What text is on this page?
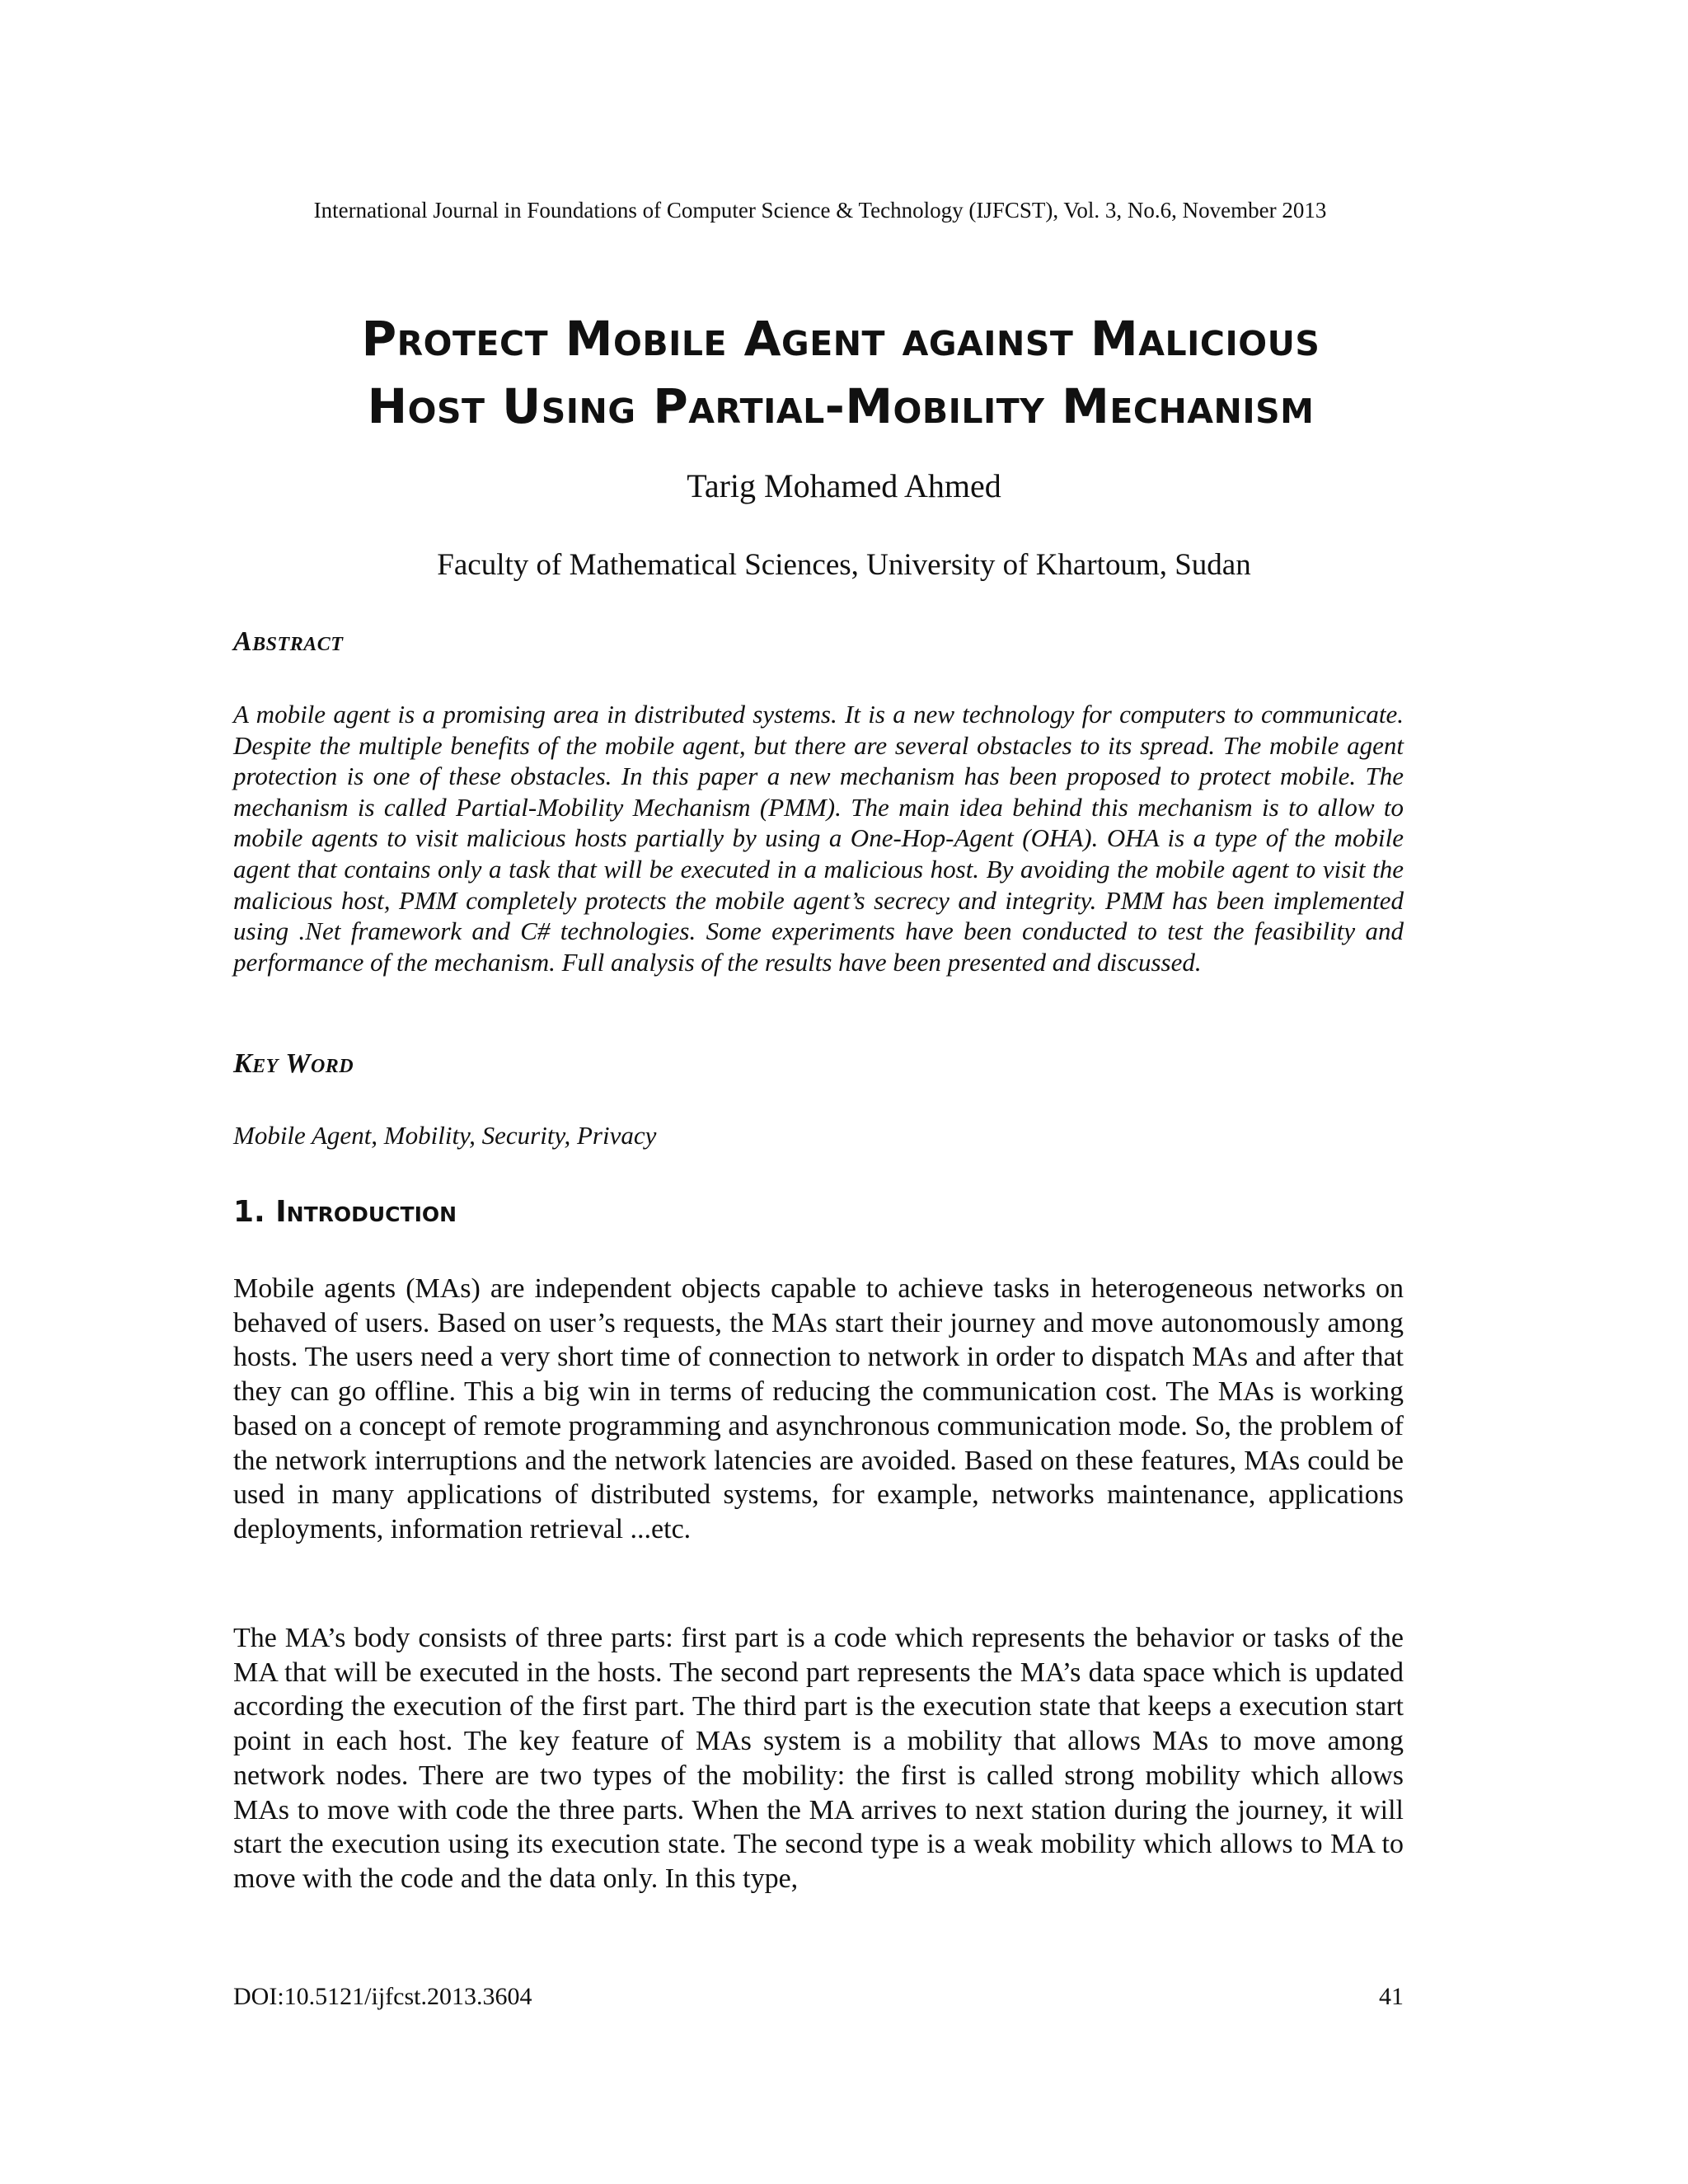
International Journal in Foundations of Computer Science & Technology (IJFCST), Vol. 3, No.6, November 2013
Protect Mobile Agent against Malicious
Host Using Partial-Mobility Mechanism
Tarig Mohamed Ahmed
Faculty of Mathematical Sciences, University of Khartoum, Sudan
Abstract
A mobile agent is a promising area in distributed systems. It is a new technology for computers to communicate. Despite the multiple benefits of the mobile agent, but there are several obstacles to its spread. The mobile agent protection is one of these obstacles. In this paper a new mechanism has been proposed to protect mobile. The mechanism is called Partial-Mobility Mechanism (PMM). The main idea behind this mechanism is to allow to mobile agents to visit malicious hosts partially by using a One-Hop-Agent (OHA). OHA is a type of the mobile agent that contains only a task that will be executed in a malicious host. By avoiding the mobile agent to visit the malicious host, PMM completely protects the mobile agent’s secrecy and integrity. PMM has been implemented using .Net framework and C# technologies. Some experiments have been conducted to test the feasibility and performance of the mechanism. Full analysis of the results have been presented and discussed.
Key Word
Mobile Agent, Mobility, Security, Privacy
1. Introduction
Mobile agents (MAs) are independent objects capable to achieve tasks in heterogeneous networks on behaved of users. Based on user’s requests, the MAs start their journey and move autonomously among hosts. The users need a very short time of connection to network in order to dispatch MAs and after that they can go offline. This a big win in terms of reducing the communication cost. The MAs is working based on a concept of remote programming and asynchronous communication mode. So, the problem of the network interruptions and the network latencies are avoided. Based on these features, MAs could be used in many applications of distributed systems, for example, networks maintenance, applications deployments, information retrieval ...etc.
The MA’s body consists of three parts: first part is a code which represents the behavior or tasks of the MA that will be executed in the hosts. The second part represents the MA’s data space which is updated according the execution of the first part. The third part is the execution state that keeps a execution start point in each host. The key feature of MAs system is a mobility that allows MAs to move among network nodes. There are two types of the mobility: the first is called strong mobility which allows MAs to move with code the three parts. When the MA arrives to next station during the journey, it will start the execution using its execution state. The second type is a weak mobility which allows to MA to move with the code and the data only. In this type,
DOI:10.5121/ijfcst.2013.3604	41
